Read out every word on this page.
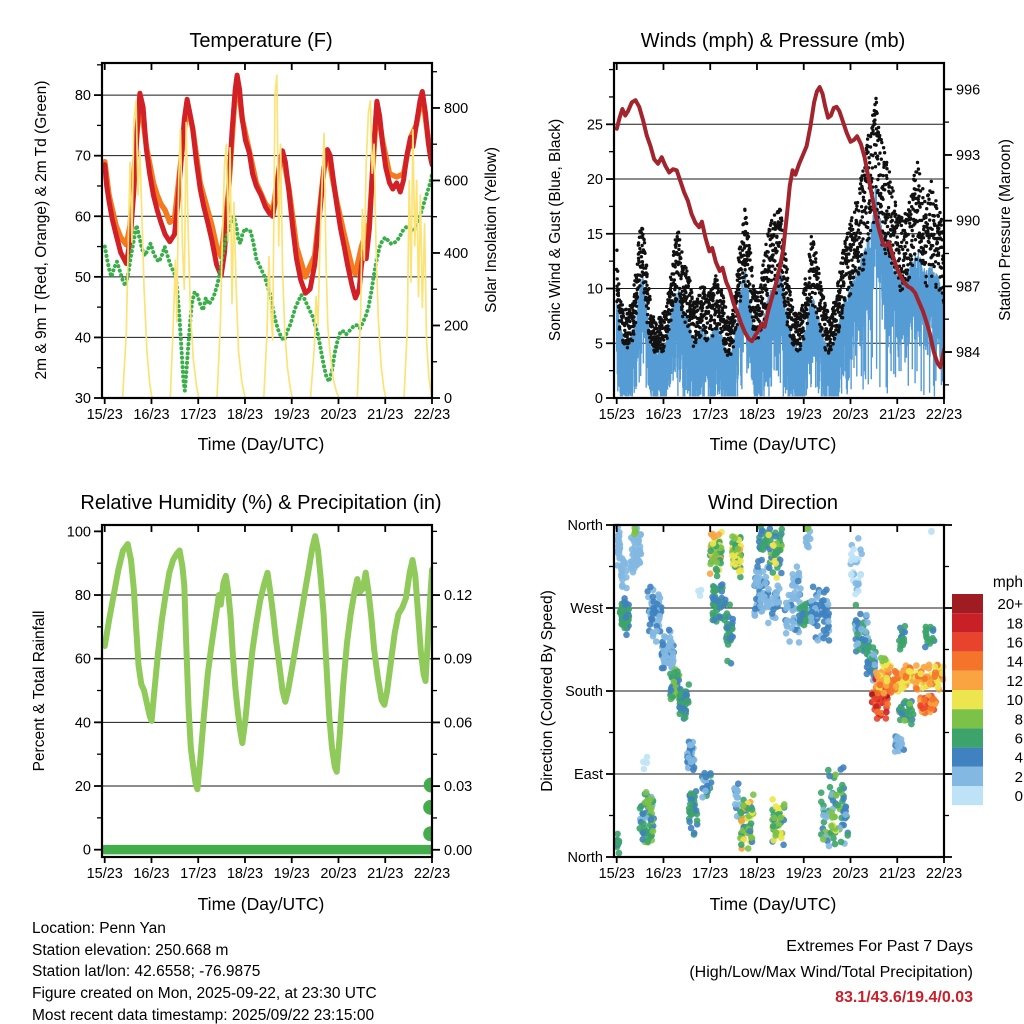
15/23 16/23 17/23 18/23 19/23 20/23 21/23 22/23
30
40
50
60
70
80
0
200
400
600
800
Temperature (F)
2m & 9m T (Red, Orange) & 2m Td (Green)	Solar Insolation (Yellow)
Time (Day/UTC)
15/23 16/23 17/23 18/23 19/23 20/23 21/23 22/23
0
5
10
15
20
25
984
987
990
993
996
Winds (mph) & Pressure (mb)
Sonic Wind & Gust (Blue, Black)	Station Pressure (Maroon)
Time (Day/UTC)
15/23 16/23 17/23 18/23 19/23 20/23 21/23 22/23
0
20
40
60
80
100
0.00
0.03
0.06
0.09
0.12
Relative Humidity (%) & Precipitation (in)
Percent & Total Rainfall
Time (Day/UTC)
15/23 16/23 17/23 18/23 19/23 20/23 21/23 22/23
North
West
South
East
North
mph
20+
18
16
14
12
10
8
6
4
2
0
Wind Direction
Direction (Colored By Speed)
Time (Day/UTC)
Location: Penn Yan
Station elevation: 250.668 m
Station lat/lon: 42.6558; -76.9875
Figure created on Mon, 2025-09-22, at 23:30 UTC
Most recent data timestamp: 2025/09/22 23:15:00
Extremes For Past 7 Days
(High/Low/Max Wind/Total Precipitation)
83.1/43.6/19.4/0.03
